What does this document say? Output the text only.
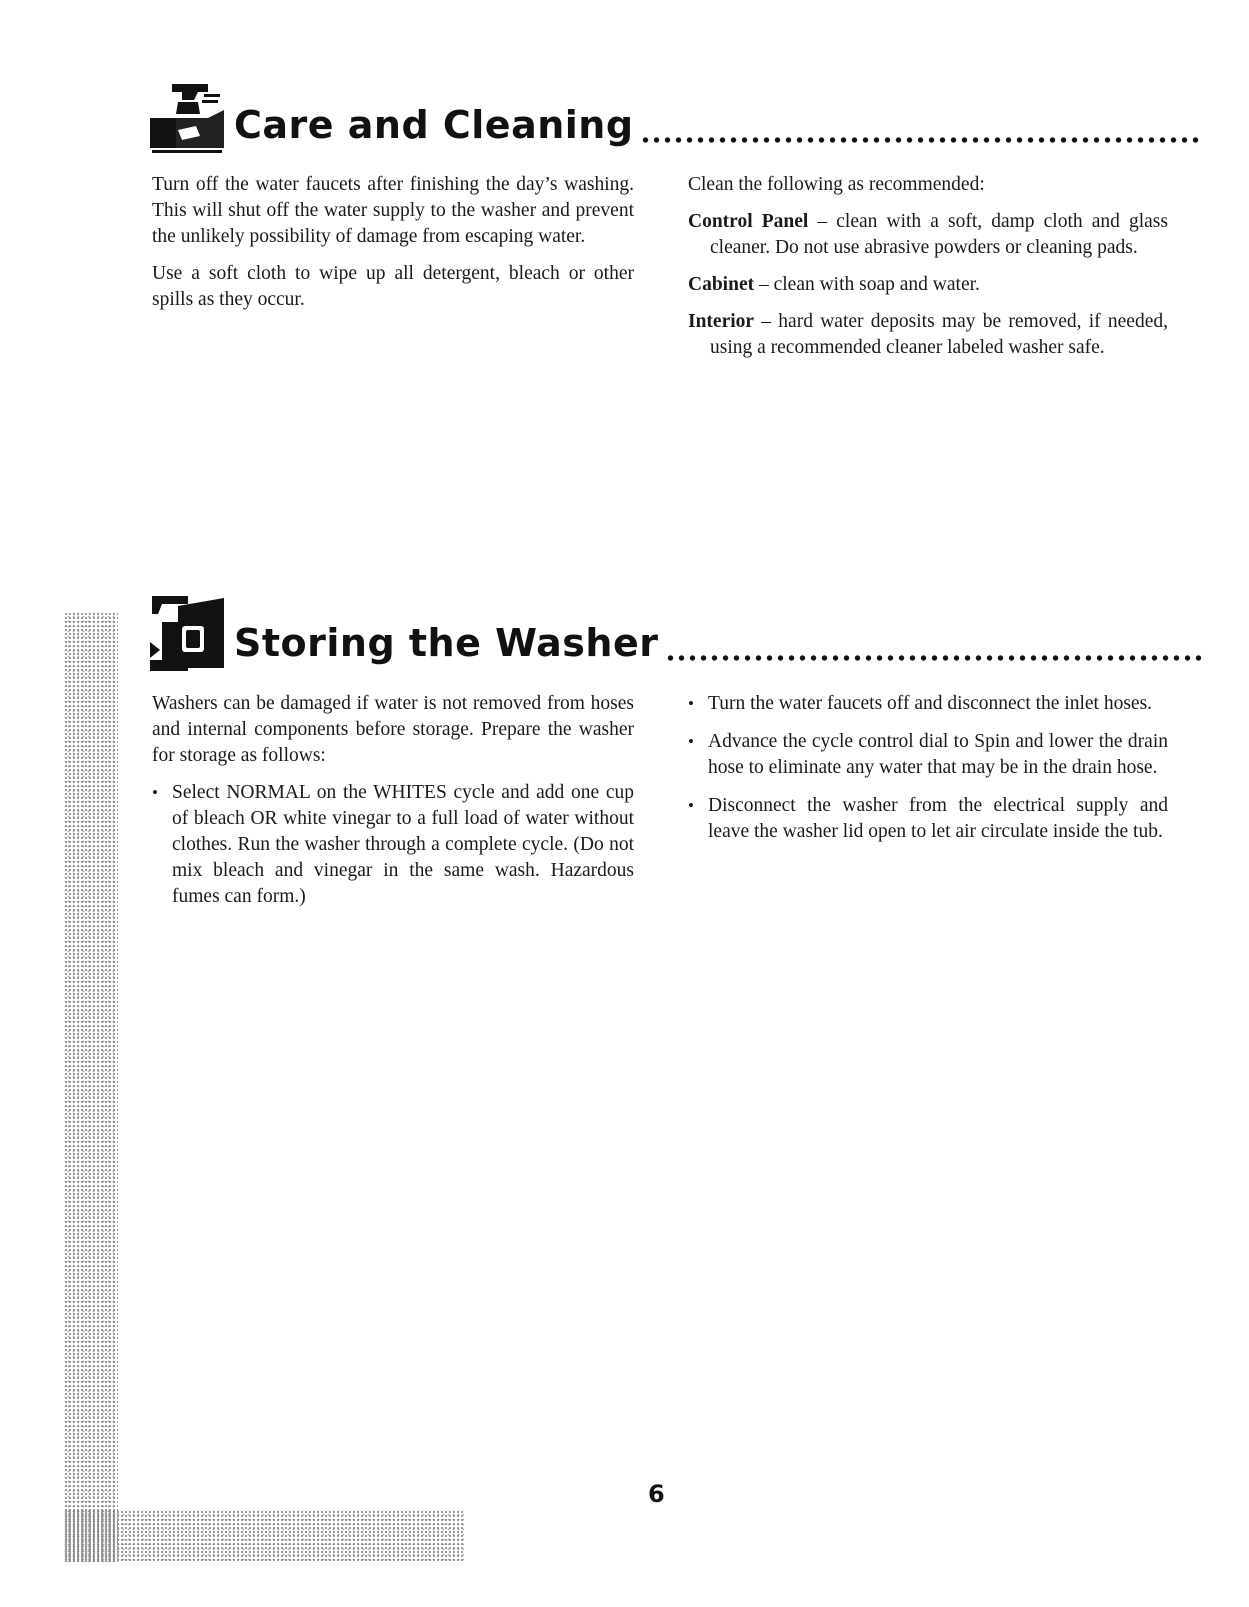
Care and Cleaning

Turn off the water faucets after finishing the day’s washing. This will shut off the water supply to the washer and prevent the unlikely possibility of damage from escaping water.

Use a soft cloth to wipe up all detergent, bleach or other spills as they occur.

Clean the following as recommended:

Control Panel – clean with a soft, damp cloth and glass cleaner. Do not use abrasive powders or cleaning pads.

Cabinet – clean with soap and water.

Interior – hard water deposits may be removed, if needed, using a recommended cleaner labeled washer safe.

Storing the Washer

Washers can be damaged if water is not removed from hoses and internal components before storage. Prepare the washer for storage as follows:

• Select NORMAL on the WHITES cycle and add one cup of bleach OR white vinegar to a full load of water without clothes. Run the washer through a complete cycle. (Do not mix bleach and vinegar in the same wash. Hazardous fumes can form.)
• Turn the water faucets off and disconnect the inlet hoses.
• Advance the cycle control dial to Spin and lower the drain hose to eliminate any water that may be in the drain hose.
• Disconnect the washer from the electrical supply and leave the washer lid open to let air circulate inside the tub.
6
